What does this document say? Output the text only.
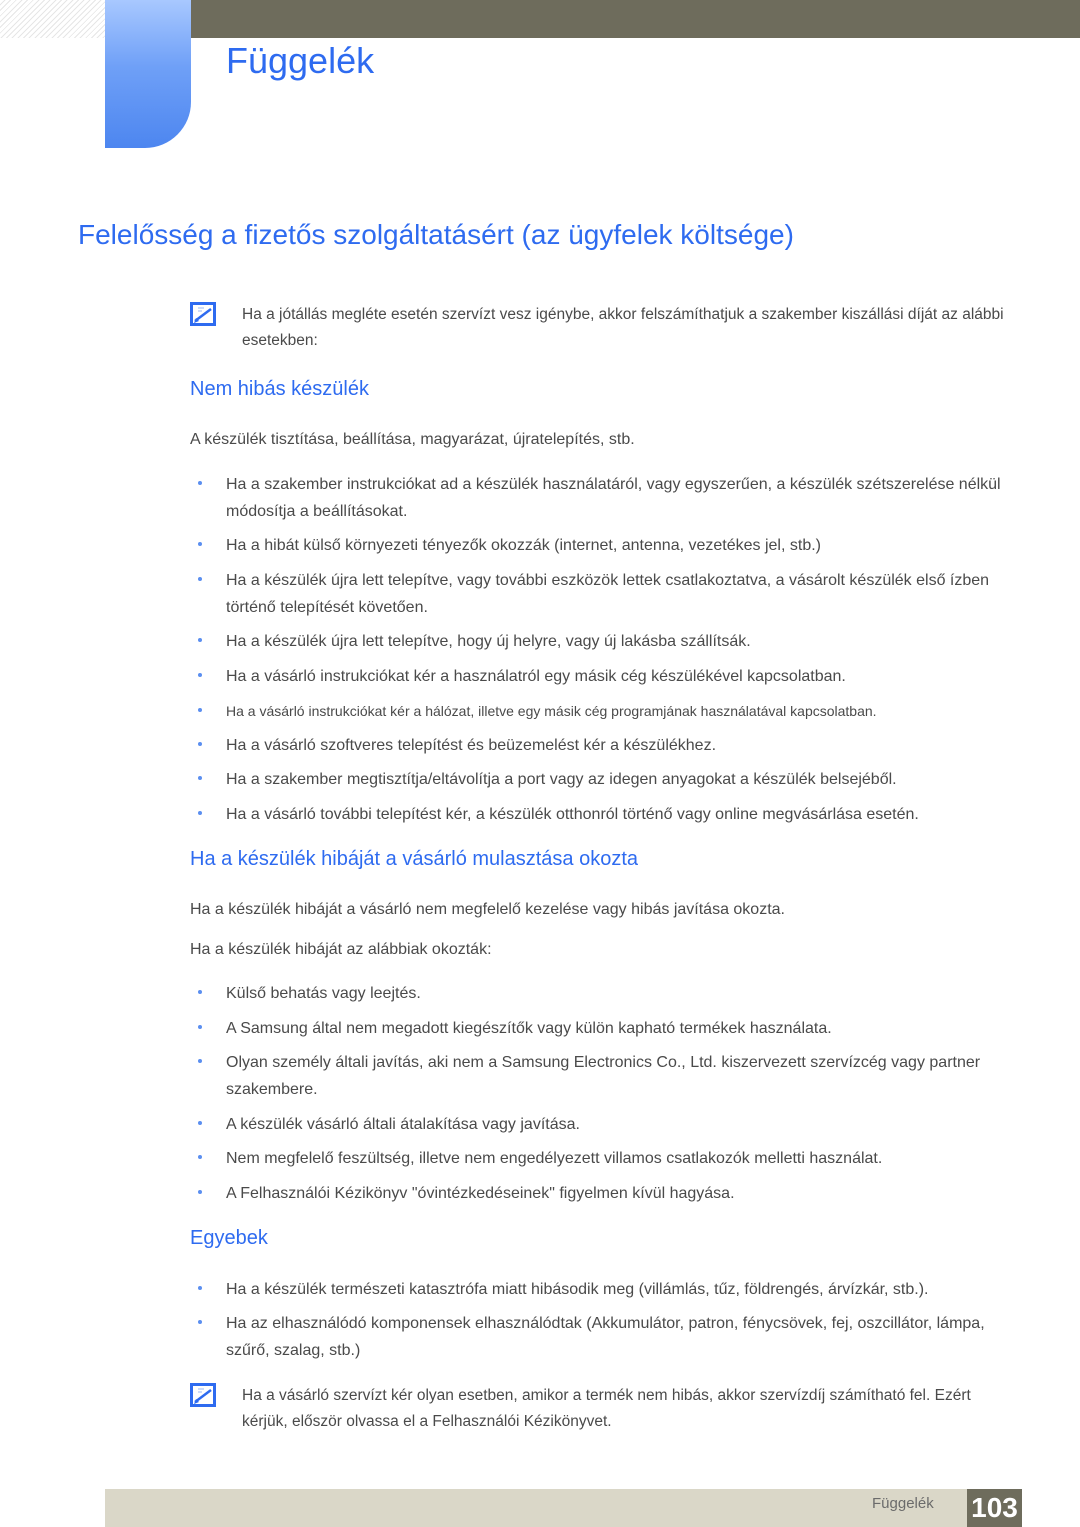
Függelék
Felelősség a fizetős szolgáltatásért (az ügyfelek költsége)
Ha a jótállás megléte esetén szervízt vesz igénybe, akkor felszámíthatjuk a szakember kiszállási díját az alábbi esetekben:
Nem hibás készülék

A készülék tisztítása, beállítása, magyarázat, újratelepítés, stb.

Ha a szakember instrukciókat ad a készülék használatáról, vagy egyszerűen, a készülék szétszerelése nélkül módosítja a beállításokat.
Ha a hibát külső környezeti tényezők okozzák (internet, antenna, vezetékes jel, stb.)
Ha a készülék újra lett telepítve, vagy további eszközök lettek csatlakoztatva, a vásárolt készülék első ízben történő telepítését követően.
Ha a készülék újra lett telepítve, hogy új helyre, vagy új lakásba szállítsák.
Ha a vásárló instrukciókat kér a használatról egy másik cég készülékével kapcsolatban.
Ha a vásárló instrukciókat kér a hálózat, illetve egy másik cég programjának használatával kapcsolatban.
Ha a vásárló szoftveres telepítést és beüzemelést kér a készülékhez.
Ha a szakember megtisztítja/eltávolítja a port vagy az idegen anyagokat a készülék belsejéből.
Ha a vásárló további telepítést kér, a készülék otthonról történő vagy online megvásárlása esetén.
Ha a készülék hibáját a vásárló mulasztása okozta

Ha a készülék hibáját a vásárló nem megfelelő kezelése vagy hibás javítása okozta.

Ha a készülék hibáját az alábbiak okozták:

Külső behatás vagy leejtés.
A Samsung által nem megadott kiegészítők vagy külön kapható termékek használata.
Olyan személy általi javítás, aki nem a Samsung Electronics Co., Ltd. kiszervezett szervízcég vagy partner szakembere.
A készülék vásárló általi átalakítása vagy javítása.
Nem megfelelő feszültség, illetve nem engedélyezett villamos csatlakozók melletti használat.
A Felhasználói Kézikönyv "óvintézkedéseinek" figyelmen kívül hagyása.
Egyebek
Ha a készülék természeti katasztrófa miatt hibásodik meg (villámlás, tűz, földrengés, árvízkár, stb.).
Ha az elhasználódó komponensek elhasználódtak (Akkumulátor, patron, fénycsövek, fej, oszcillátor, lámpa, szűrő, szalag, stb.)
Ha a vásárló szervízt kér olyan esetben, amikor a termék nem hibás, akkor szervízdíj számítható fel. Ezért kérjük, először olvassa el a Felhasználói Kézikönyvet.
Függelék 103
